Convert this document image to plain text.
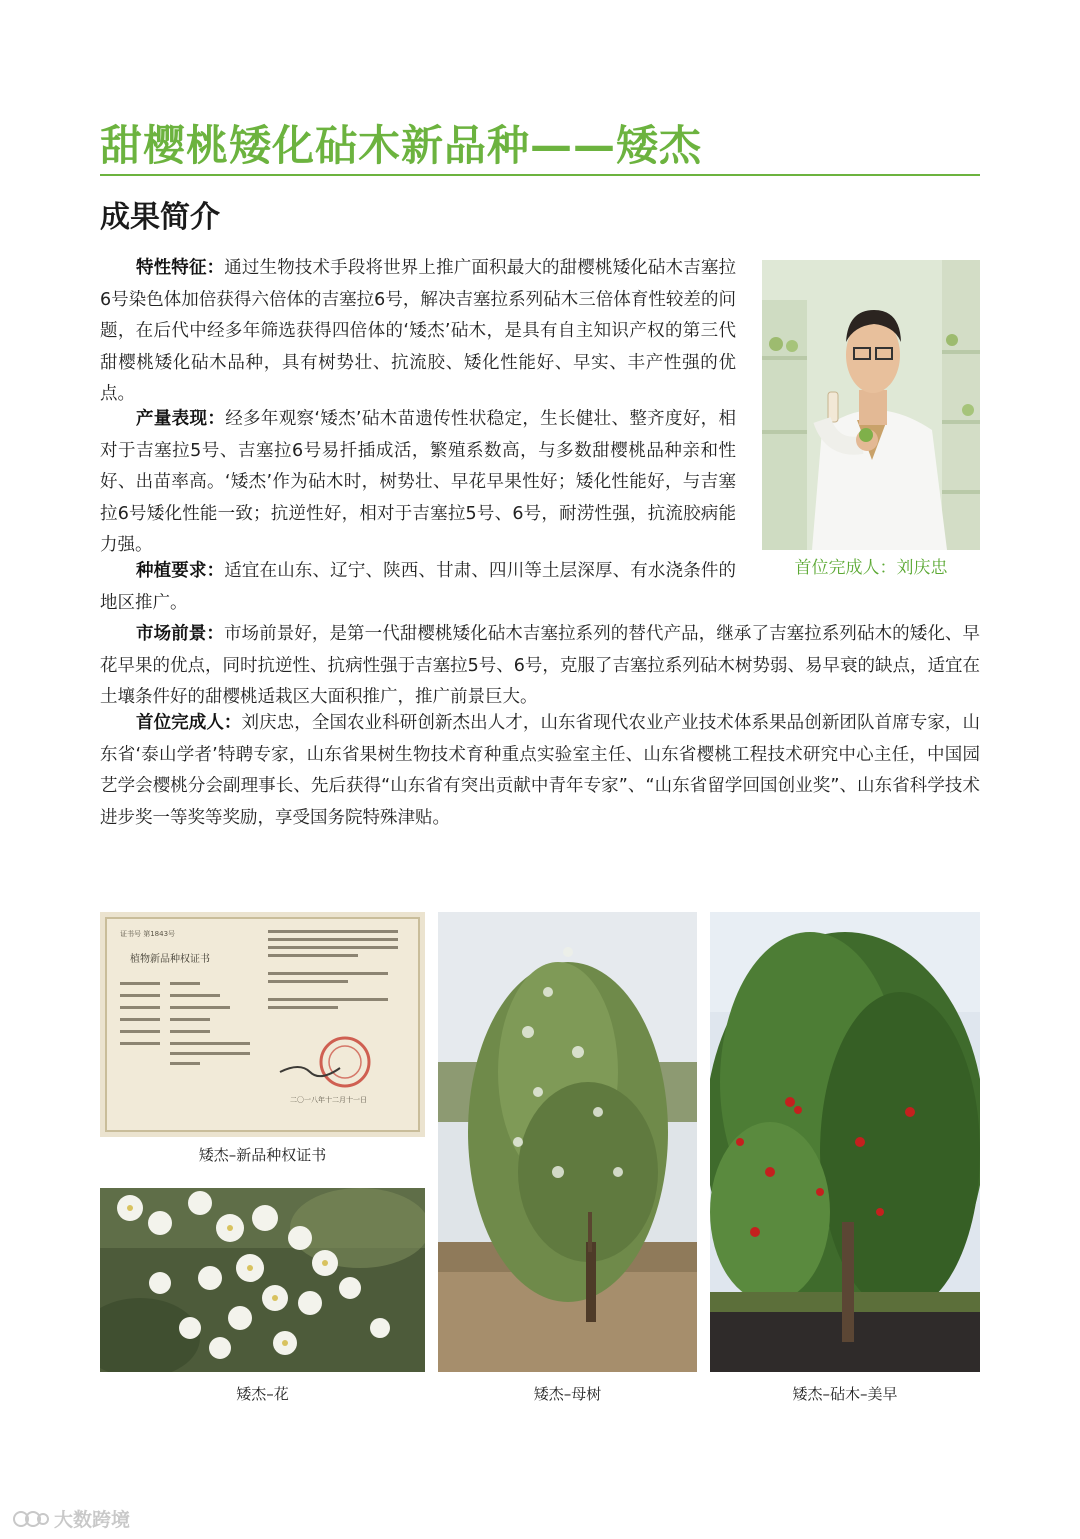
甜樱桃矮化砧木新品种——矮杰
成果简介

特性特征：通过生物技术手段将世界上推广面积最大的甜樱桃矮化砧木吉塞拉6号染色体加倍获得六倍体的吉塞拉6号，解决吉塞拉系列砧木三倍体育性较差的问题，在后代中经多年筛选获得四倍体的‘矮杰’砧木，是具有自主知识产权的第三代甜樱桃矮化砧木品种，具有树势壮、抗流胶、矮化性能好、早实、丰产性强的优点。

产量表现：经多年观察‘矮杰’砧木苗遗传性状稳定，生长健壮、整齐度好，相对于吉塞拉5号、吉塞拉6号易扦插成活，繁殖系数高，与多数甜樱桃品种亲和性好、出苗率高。‘矮杰’作为砧木时，树势壮、早花早果性好；矮化性能好，与吉塞拉6号矮化性能一致；抗逆性好，相对于吉塞拉5号、6号，耐涝性强，抗流胶病能力强。

种植要求：适宜在山东、辽宁、陕西、甘肃、四川等土层深厚、有水浇条件的地区推广。

市场前景：市场前景好，是第一代甜樱桃矮化砧木吉塞拉系列的替代产品，继承了吉塞拉系列砧木的矮化、早花早果的优点，同时抗逆性、抗病性强于吉塞拉5号、6号，克服了吉塞拉系列砧木树势弱、易早衰的缺点，适宜在土壤条件好的甜樱桃适栽区大面积推广，推广前景巨大。

首位完成人：刘庆忠，全国农业科研创新杰出人才，山东省现代农业产业技术体系果品创新团队首席专家，山东省‘泰山学者’特聘专家，山东省果树生物技术育种重点实验室主任、山东省樱桃工程技术研究中心主任，中国园艺学会樱桃分会副理事长、先后获得“山东省有突出贡献中青年专家”、“山东省留学回国创业奖”、山东省科学技术进步奖一等奖等奖励，享受国务院特殊津贴。

首位完成人：刘庆忠
证书号 第1843号
植物新品种权证书
二〇一八年十二月十一日
矮杰–新品种权证书
矮杰–花	矮杰–母树	矮杰–砧木–美早
大数跨境
